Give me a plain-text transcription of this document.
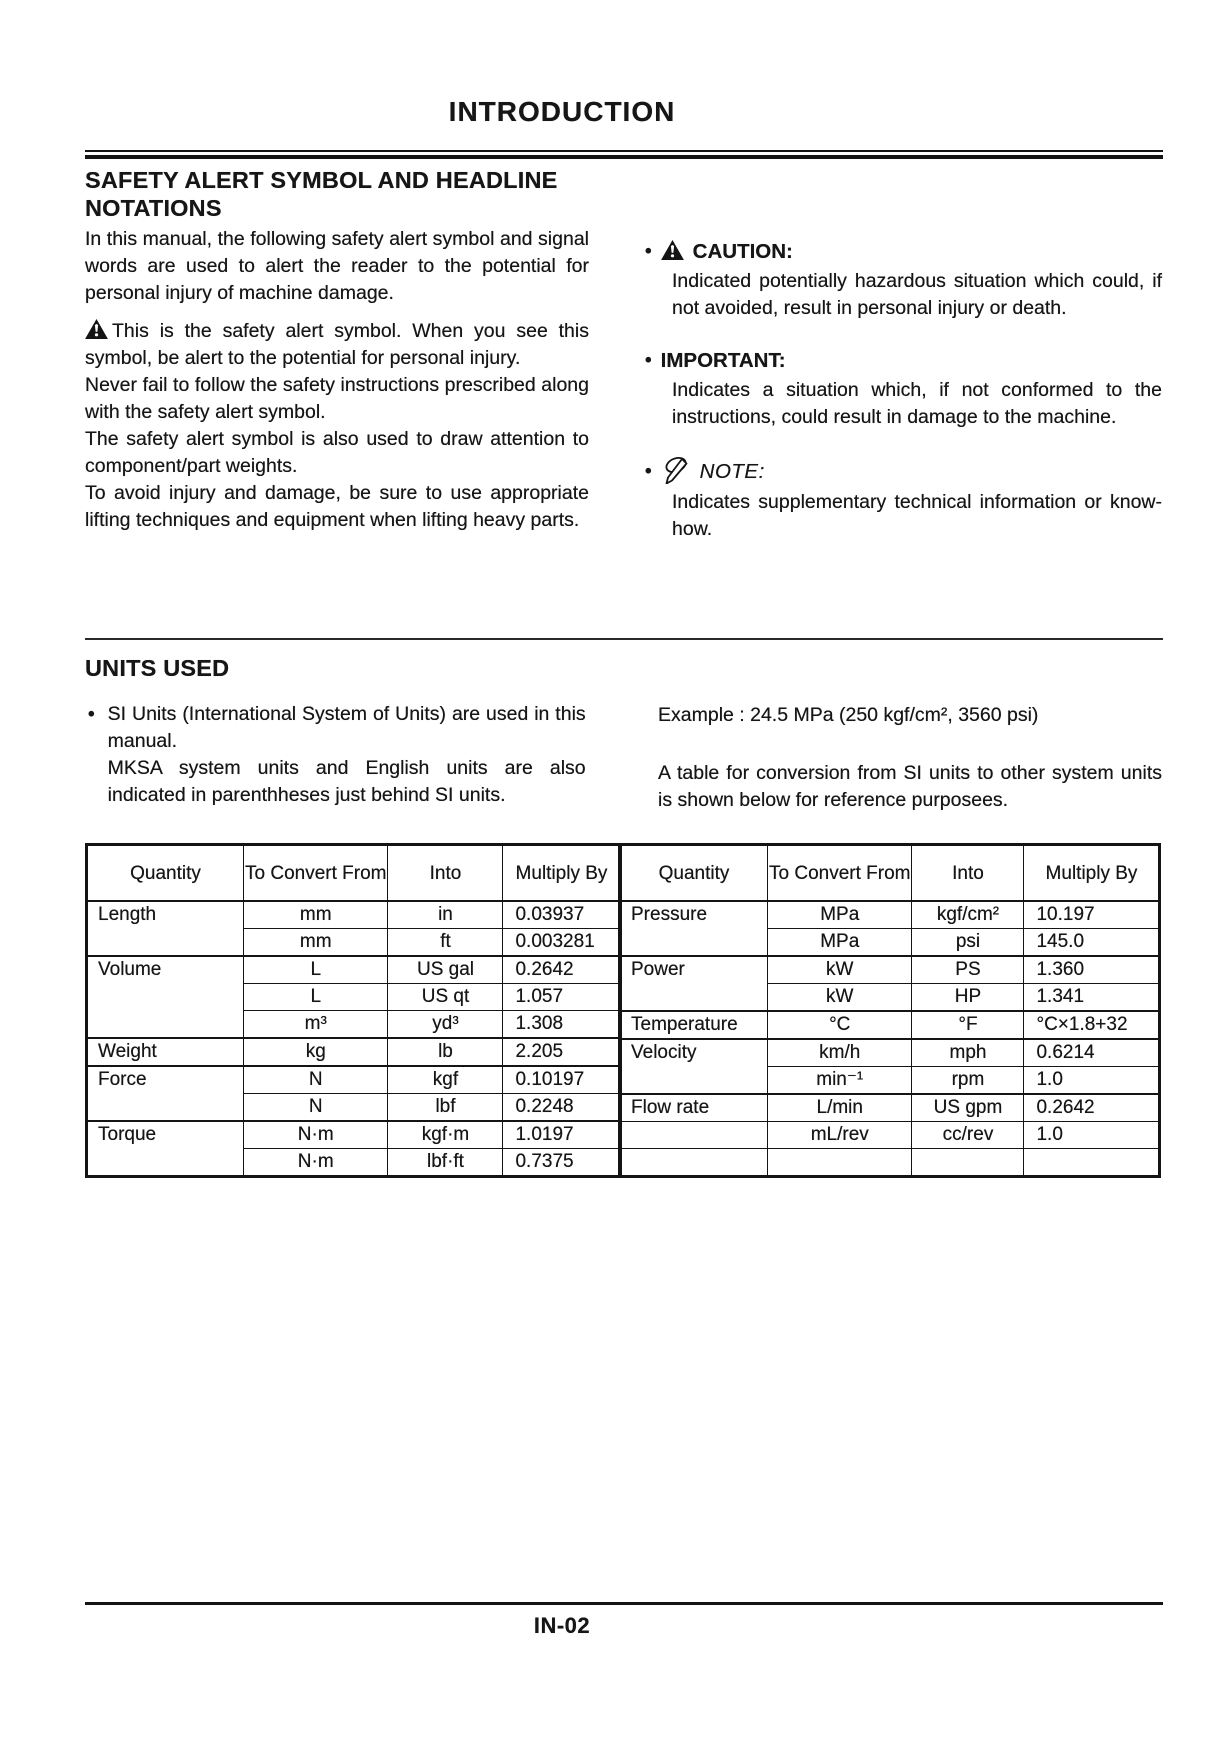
INTRODUCTION
SAFETY ALERT SYMBOL AND HEADLINE
NOTATIONS

In this manual, the following safety alert symbol and signal words are used to alert the reader to the potential for personal injury of machine damage.

This is the safety alert symbol. When you see this symbol, be alert to the potential for personal injury.

Never fail to follow the safety instructions prescribed along with the safety alert symbol.

The safety alert symbol is also used to draw attention to component/part weights.

To avoid injury and damage, be sure to use appropriate lifting techniques and equipment when lifting heavy parts.

• CAUTION:

Indicated potentially hazardous situation which could, if not avoided, result in personal injury or death.

• IMPORTANT:

Indicates a situation which, if not conformed to the instructions, could result in damage to the machine.

• NOTE:

Indicates supplementary technical information or know-how.

UNITS USED
• SI Units (International System of Units) are used in this manual.

MKSA system units and English units are also indicated in parenthheses just behind SI units.

Example : 24.5 MPa (250 kgf/cm², 3560 psi)

A table for conversion from SI units to other system units is shown below for reference purposees.

Quantity	To Convert From	Into	Multiply By
Length	mm	in	0.03937
	mm	ft	0.003281
Volume	L	US gal	0.2642
	L	US qt	1.057
	m³	yd³	1.308
Weight	kg	lb	2.205
Force	N	kgf	0.10197
	N	lbf	0.2248
Torque	N·m	kgf·m	1.0197
	N·m	lbf·ft	0.7375
Quantity	To Convert From	Into	Multiply By
Pressure	MPa	kgf/cm²	10.197
	MPa	psi	145.0
Power	kW	PS	1.360
	kW	HP	1.341
Temperature	°C	°F	°C×1.8+32
Velocity	km/h	mph	0.6214
	min⁻¹	rpm	1.0
Flow rate	L/min	US gpm	0.2642
	mL/rev	cc/rev	1.0

IN-02
